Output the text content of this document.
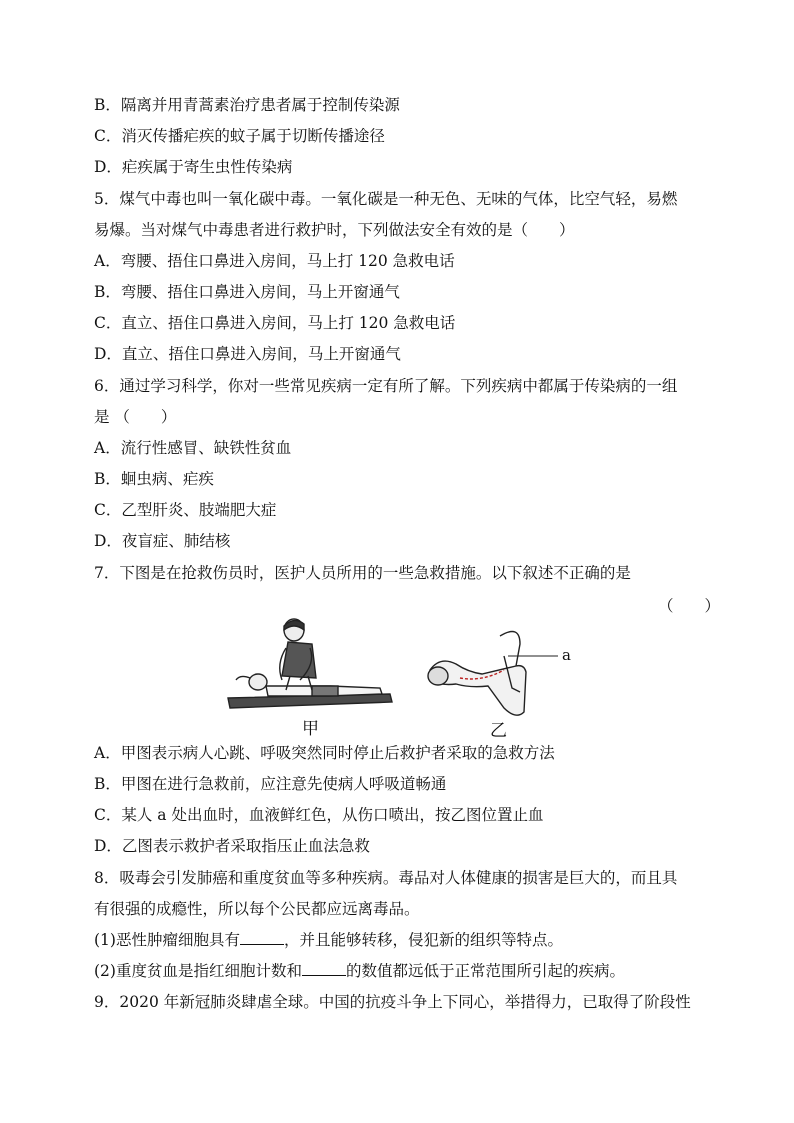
B．隔离并用青蒿素治疗患者属于控制传染源
C．消灭传播疟疾的蚊子属于切断传播途径
D．疟疾属于寄生虫性传染病
5．煤气中毒也叫一氧化碳中毒。一氧化碳是一种无色、无味的气体，比空气轻，易燃
易爆。当对煤气中毒患者进行救护时，下列做法安全有效的是（　　）
A．弯腰、捂住口鼻进入房间，马上打 120 急救电话
B．弯腰、捂住口鼻进入房间，马上开窗通气
C．直立、捂住口鼻进入房间，马上打 120 急救电话
D．直立、捂住口鼻进入房间，马上开窗通气
6．通过学习科学，你对一些常见疾病一定有所了解。下列疾病中都属于传染病的一组
是 （　　）
A．流行性感冒、缺铁性贫血
B．蛔虫病、疟疾
C．乙型肝炎、肢端肥大症
D．夜盲症、肺结核
7．下图是在抢救伤员时，医护人员所用的一些急救措施。以下叙述不正确的是
（　　）
甲	乙
a
A．甲图表示病人心跳、呼吸突然同时停止后救护者采取的急救方法
B．甲图在进行急救前，应注意先使病人呼吸道畅通
C．某人 a 处出血时，血液鲜红色，从伤口喷出，按乙图位置止血
D．乙图表示救护者采取指压止血法急救
8．吸毒会引发肺癌和重度贫血等多种疾病。毒品对人体健康的损害是巨大的，而且具
有很强的成瘾性，所以每个公民都应远离毒品。
(1)恶性肿瘤细胞具有	，并且能够转移，侵犯新的组织等特点。
(2)重度贫血是指红细胞计数和	的数值都远低于正常范围所引起的疾病。
9．2020 年新冠肺炎肆虐全球。中国的抗疫斗争上下同心，举措得力，已取得了阶段性
